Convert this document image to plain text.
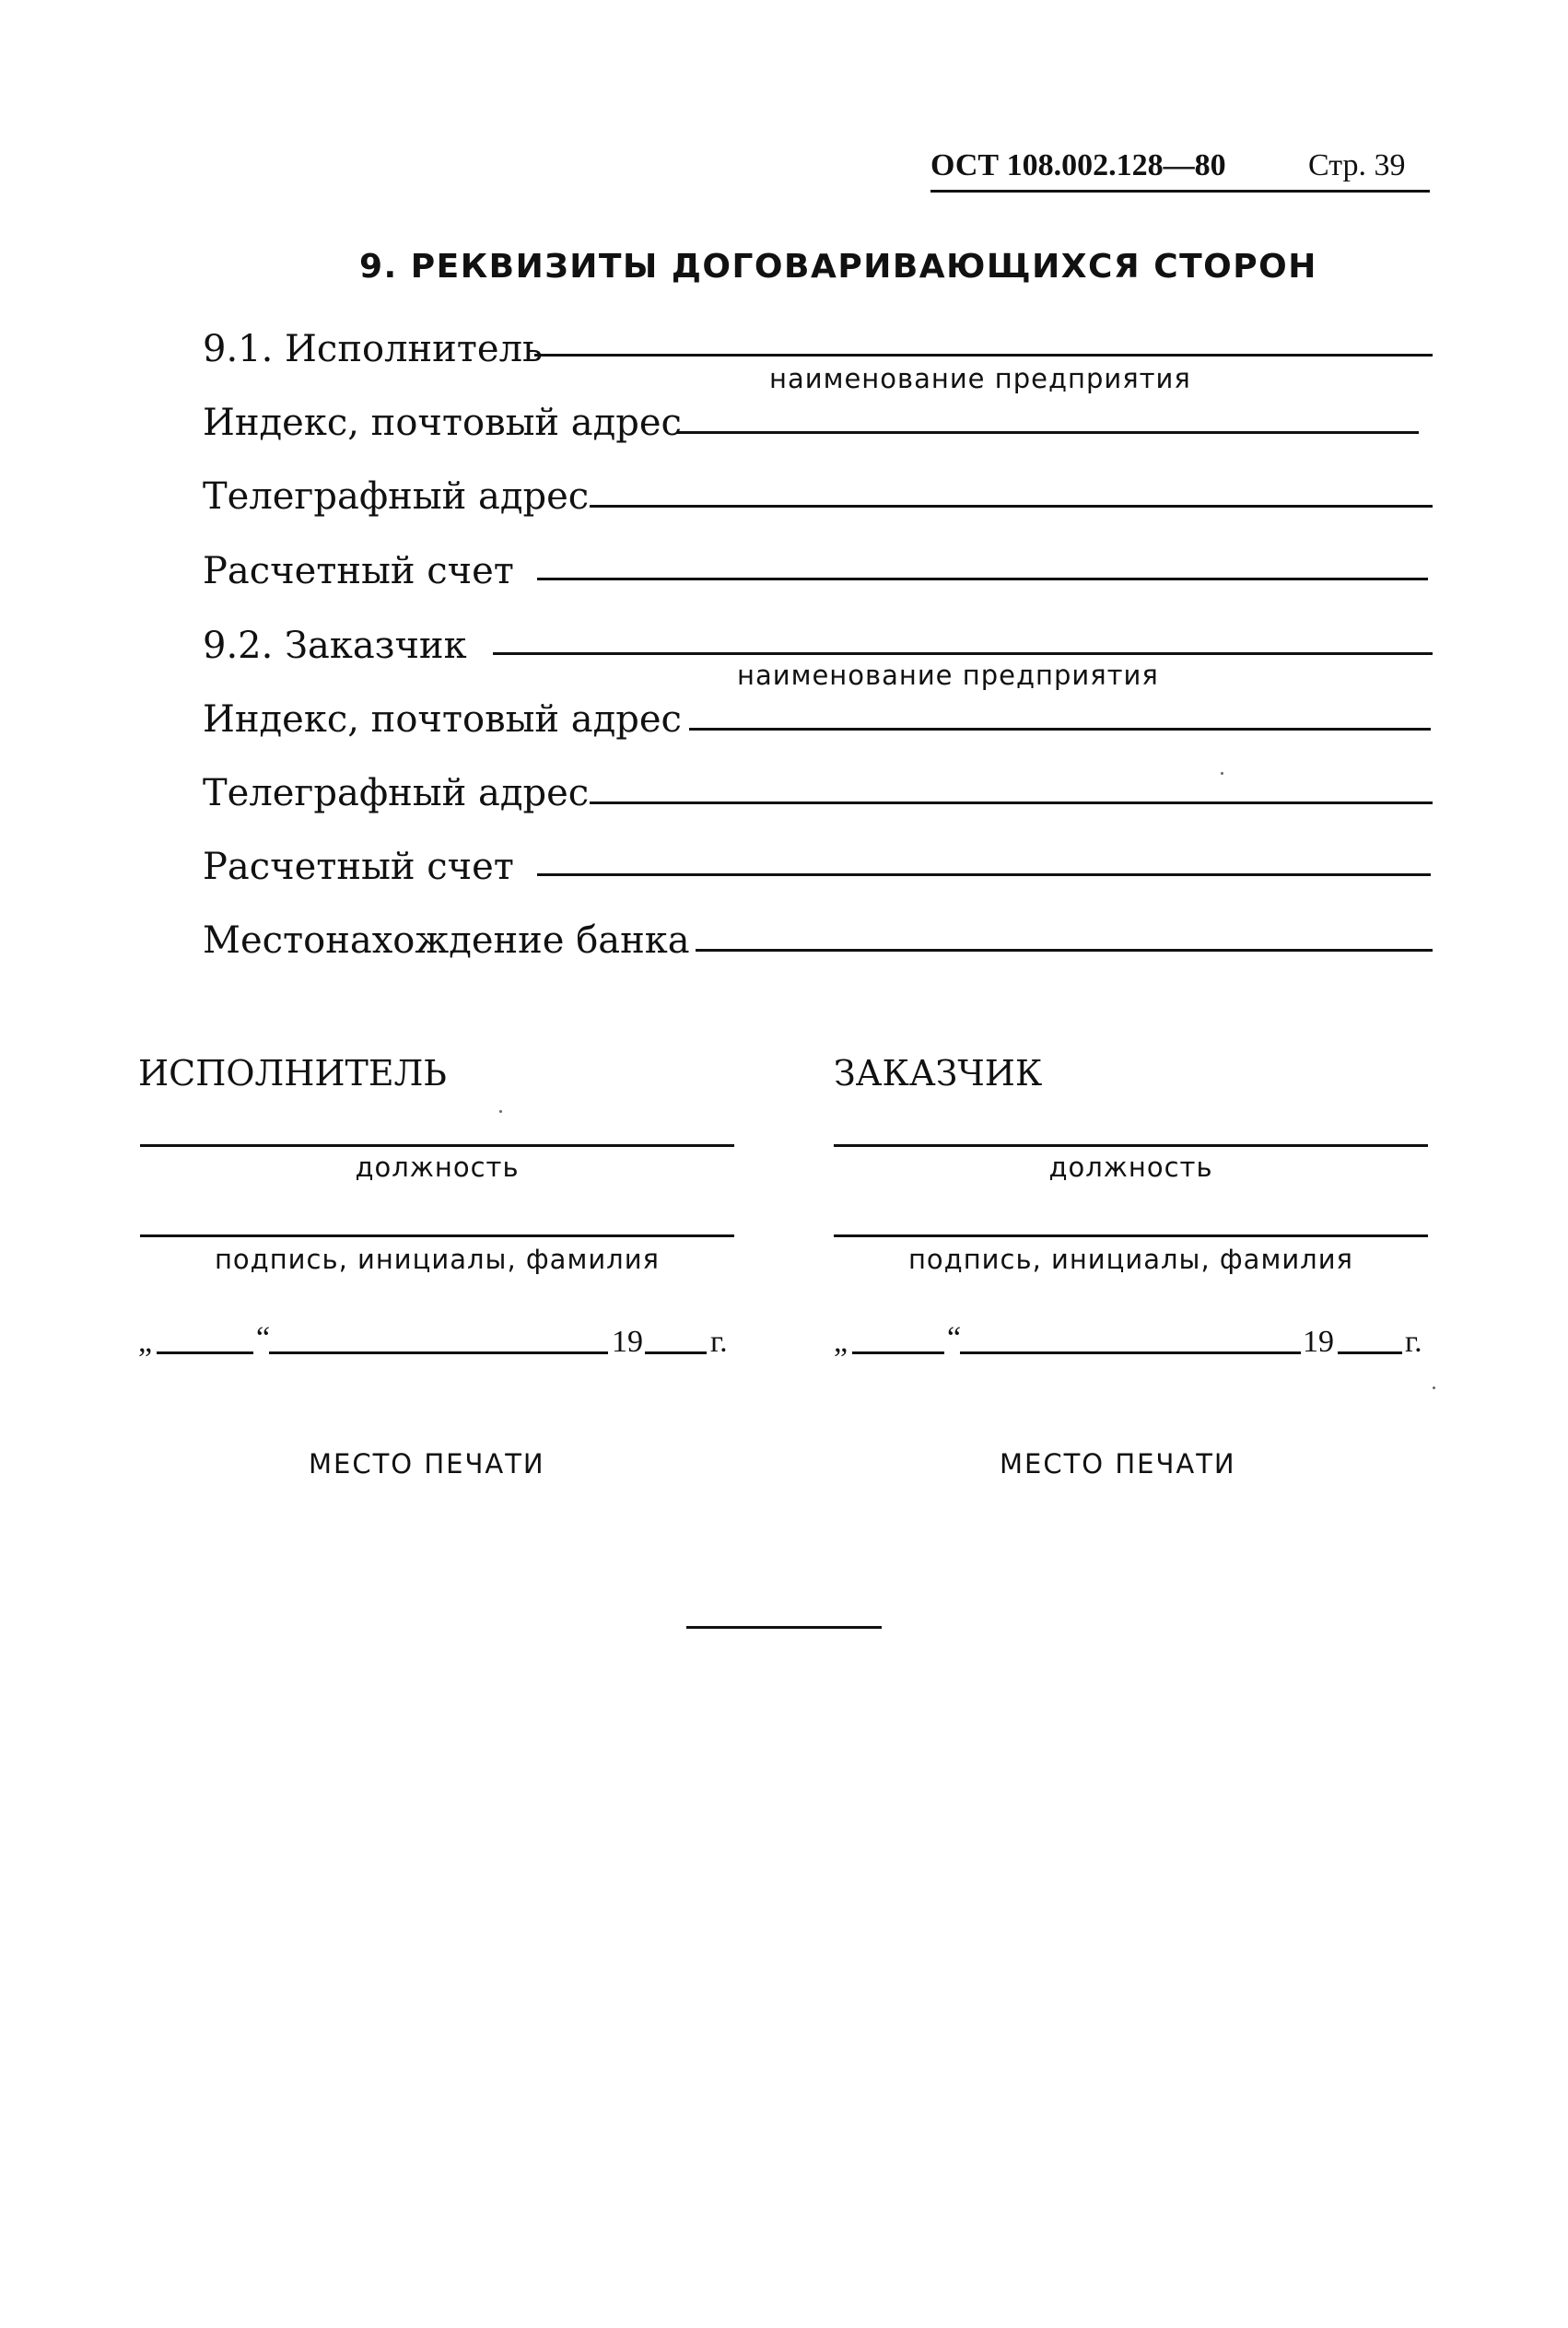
ОСТ 108.002.128—80	Стр. 39
9. РЕКВИЗИТЫ ДОГОВАРИВАЮЩИХСЯ СТОРОН
9.1. Исполнитель
наименование предприятия
Индекс, почтовый адрес
Телеграфный адрес
Расчетный счет
9.2. Заказчик
наименование предприятия
Индекс, почтовый адрес
Телеграфный адрес
Расчетный счет
Местонахождение банка
ИСПОЛНИТЕЛЬ
должность
подпись, инициалы, фамилия
„	“	19 г.
МЕСТО ПЕЧАТИ
ЗАКАЗЧИК
должность
подпись, инициалы, фамилия
„	“	19 г.
МЕСТО ПЕЧАТИ
